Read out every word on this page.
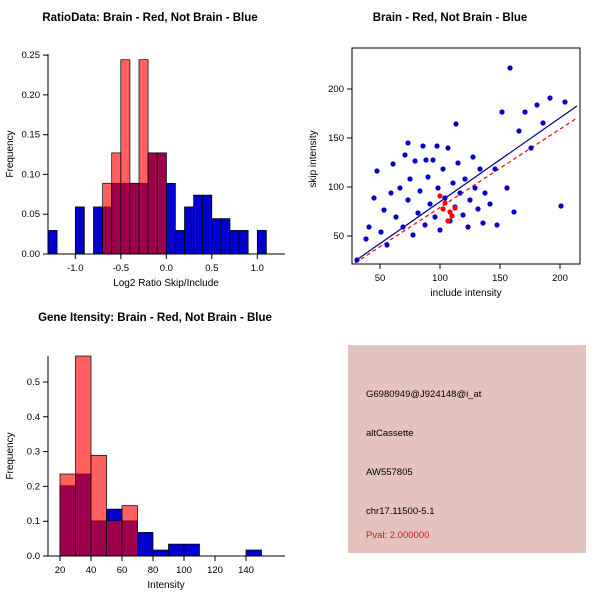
RatioData: Brain - Red, Not Brain - Blue
0.00
0.05
0.10
0.15
0.20
0.25
-1.0	-0.5	0.0	0.5	1.0
Log2 Ratio Skip/Include
Frequency
Brain - Red, Not Brain - Blue
50
100
150
200
50	100	150	200
include intensity
skip intensity
Gene Itensity: Brain - Red, Not Brain - Blue
0.0
0.1
0.2
0.3
0.4
0.5
20 40 60 80 100 120 140
Intensity
Frequency
G6980949@J924148@i_at
altCassette
AW557805
chr17.11500-5.1
Pval: 2.000000
